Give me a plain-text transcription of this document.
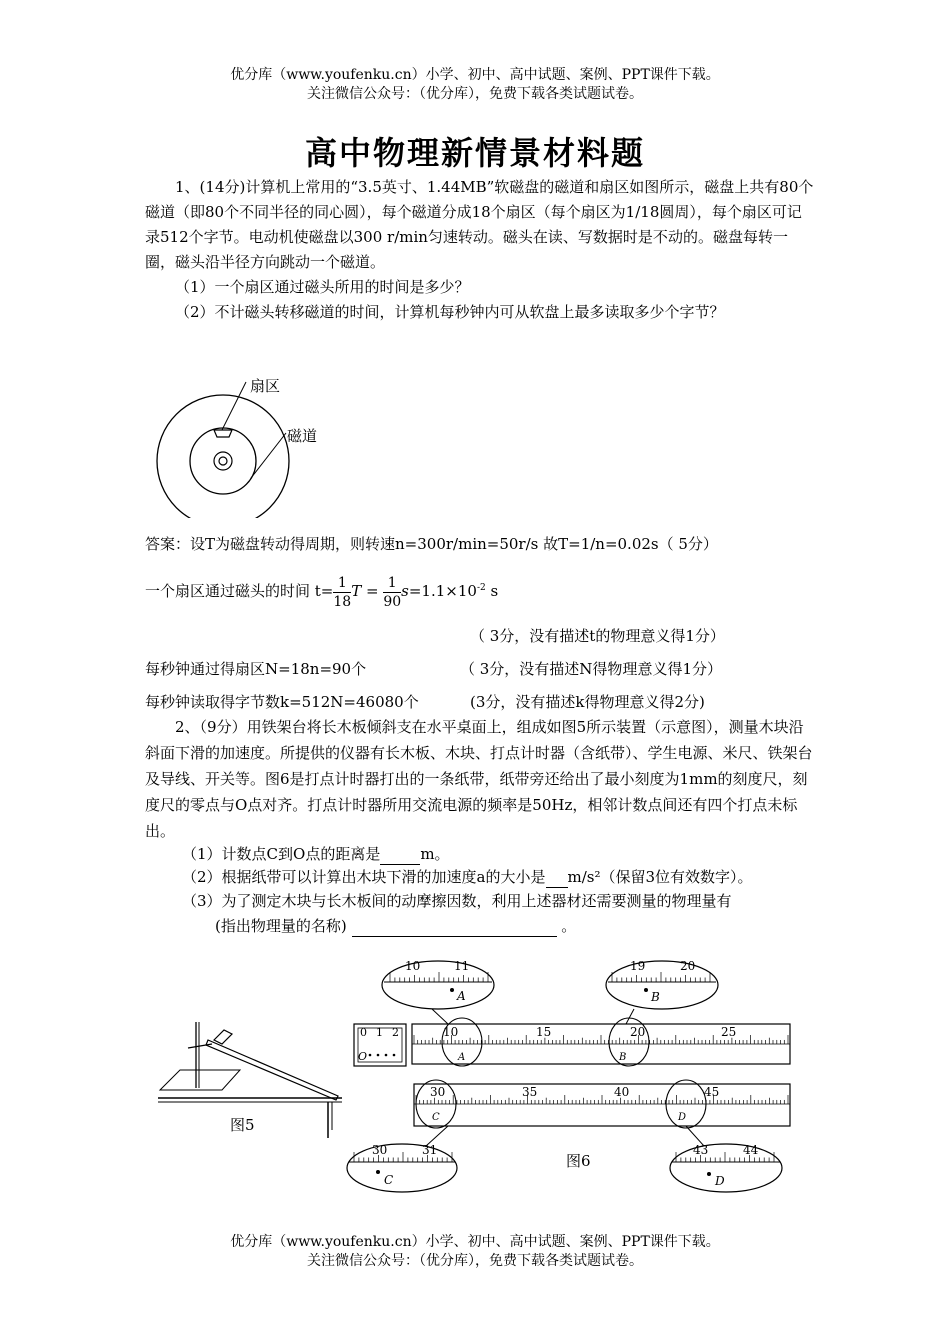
优分库（www.youfenku.cn）小学、初中、高中试题、案例、PPT课件下载。
关注微信公众号：（优分库），免费下载各类试题试卷。
高中物理新情景材料题
1、(14分)计算机上常用的“3.5英寸、1.44MB”软磁盘的磁道和扇区如图所示，磁盘上共有80个磁道（即80个不同半径的同心圆），每个磁道分成18个扇区（每个扇区为1/18圆周），每个扇区可记录512个字节。电动机使磁盘以300 r/min匀速转动。磁头在读、写数据时是不动的。磁盘每转一圈，磁头沿半径方向跳动一个磁道。
（1）一个扇区通过磁头所用的时间是多少？
（2）不计磁头转移磁道的时间，计算机每秒钟内可从软盘上最多读取多少个字节？
扇区
磁道
答案：设T为磁盘转动得周期，则转速n=300r/min=50r/s 故T=1/n=0.02s（ 5分）
一个扇区通过磁头的时间 $t= \frac{1}{18}$ $T = \frac{1}{90} s=1.1\times 10^{-2}$ s
（ 3分，没有描述t的物理意义得1分）
每秒钟通过得扇区N=18n=90个	（ 3分，没有描述N得物理意义得1分）
每秒钟读取得字节数k=512N=46080个	(3分，没有描述k得物理意义得2分)
2、（9分）用铁架台将长木板倾斜支在水平桌面上，组成如图5所示装置（示意图），测量木块沿斜面下滑的加速度。所提供的仪器有长木板、木块、打点计时器（含纸带）、学生电源、米尺、铁架台及导线、开关等。图6是打点计时器打出的一条纸带，纸带旁还给出了最小刻度为1mm的刻度尺，刻度尺的零点与O点对齐。打点计时器所用交流电源的频率是50Hz，相邻计数点间还有四个打点未标出。
（1）计数点C到O点的距离是	m。
（2）根据纸带可以计算出木块下滑的加速度a的大小是 m/s²（保留3位有效数字）。
（3）为了测定木块与长木板间的动摩擦因数，利用上述器材还需要测量的物理量有
(指出物理量的名称)	。
图5
10	11
A
19	20
B
30	31
C
43	44
D
0 1 2
O
10	15	20	25
A	B
30	35	40	45
C	D
图6
优分库（www.youfenku.cn）小学、初中、高中试题、案例、PPT课件下载。
关注微信公众号：（优分库），免费下载各类试题试卷。
